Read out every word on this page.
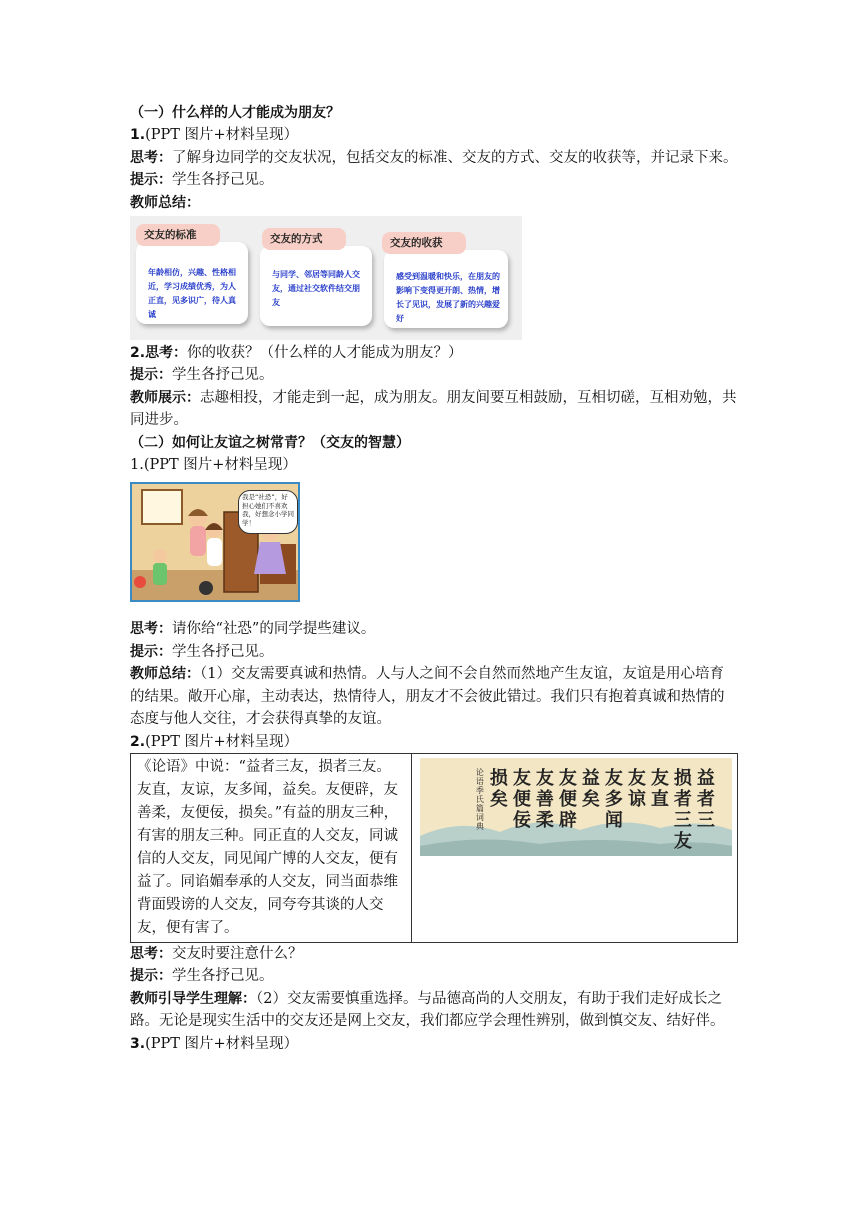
（一）什么样的人才能成为朋友？

1.(PPT 图片+材料呈现）

思考：了解身边同学的交友状况，包括交友的标准、交友的方式、交友的收获等，并记录下来。

提示：学生各抒己见。

教师总结：

年龄相仿，兴趣、性格相近，学习成绩优秀，为人正直，见多识广，待人真诚
交友的标准
与同学、邻居等同龄人交友，通过社交软件结交朋友
交友的方式
感受到温暖和快乐，在朋友的影响下变得更开朗、热情，增长了见识，发展了新的兴趣爱好
交友的收获

2.思考：你的收获？（什么样的人才能成为朋友？）

提示：学生各抒己见。

教师展示：志趣相投，才能走到一起，成为朋友。朋友间要互相鼓励，互相切磋，互相劝勉，共同进步。

（二）如何让友谊之树常青？（交友的智慧）

1.(PPT 图片+材料呈现）

我是“社恐”，好担心她们不喜欢我，好想念小学同学！

思考：请你给“社恐”的同学提些建议。

提示：学生各抒己见。

教师总结：（1）交友需要真诚和热情。人与人之间不会自然而然地产生友谊，友谊是用心培育的结果。敞开心扉，主动表达，热情待人，朋友才不会彼此错过。我们只有抱着真诚和热情的态度与他人交往，才会获得真挚的友谊。

2.(PPT 图片+材料呈现）

《论语》中说：“益者三友，损者三友。友直，友谅，友多闻，益矣。友便辟，友善柔，友便佞，损矣。”有益的朋友三种，有害的朋友三种。同正直的人交友，同诚信的人交友，同见闻广博的人交友，便有益了。同谄媚奉承的人交友，同当面恭维背面毁谤的人交友，同夸夸其谈的人交友，便有害了。

益者三
损者三友
友直
友谅
友多闻
益矣
友便辟
友善柔
友便佞
损矣
论语季氏篇词典

思考：交友时要注意什么？

提示：学生各抒己见。

教师引导学生理解：（2）交友需要慎重选择。与品德高尚的人交朋友，有助于我们走好成长之路。无论是现实生活中的交友还是网上交友，我们都应学会理性辨别，做到慎交友、结好伴。

3.(PPT 图片+材料呈现）
